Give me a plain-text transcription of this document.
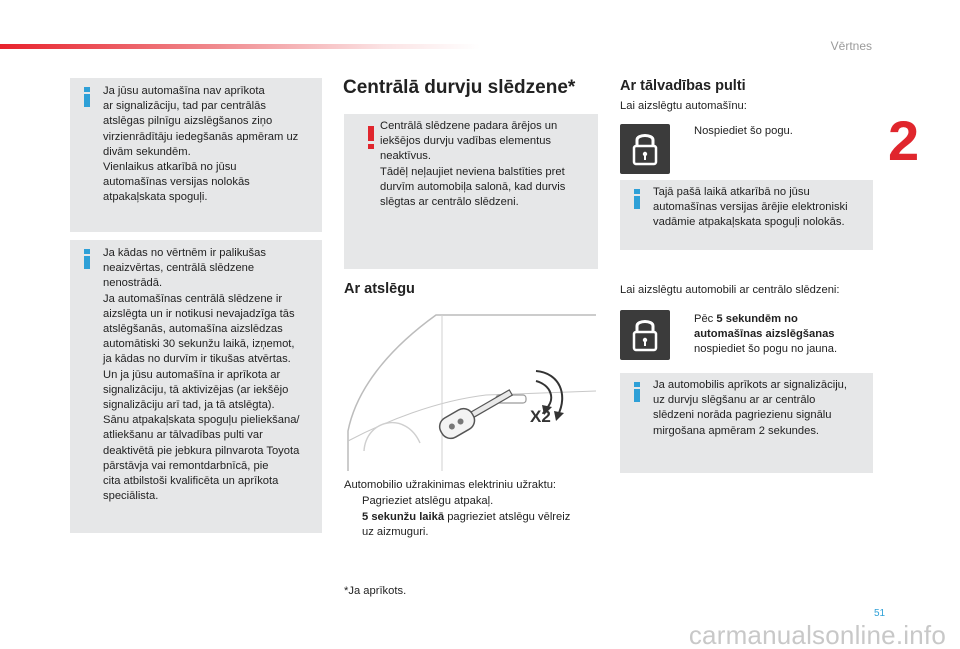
Vērtnes
2
Ja jūsu automašīna nav aprīkota
ar signalizāciju, tad par centrālās
atslēgas pilnīgu aizslēgšanos ziņo
virzienrādītāju iedegšanās apmēram uz
divām sekundēm.
Vienlaikus atkarībā no jūsu
automašīnas versijas nolokās
atpakaļskata spoguļi.
Ja kādas no vērtnēm ir palikušas
neaizvērtas, centrālā slēdzene
nenostrādā.
Ja automašīnas centrālā slēdzene ir
aizslēgta un ir notikusi nevajadzīga tās
atslēgšanās, automašīna aizslēdzas
automātiski 30 sekunžu laikā, izņemot,
ja kādas no durvīm ir tikušas atvērtas.
Un ja jūsu automašīna ir aprīkota ar
signalizāciju, tā aktivizējas (ar iekšējo
signalizāciju arī tad, ja tā atslēgta).
Sānu atpakaļskata spoguļu pieliekšana/
atliekšanu ar tālvadības pulti var
deaktivētā pie jebkura pilnvarota Toyota
pārstāvja vai remontdarbnīcā, pie
cita atbilstoši kvalificēta un aprīkota
speciālista.
Centrālā durvju slēdzene*
Centrālā slēdzene padara ārējos un
iekšējos durvju vadības elementus
neaktīvus.
Tādēļ neļaujiet neviena balstīties pret
durvīm automobiļa salonā, kad durvis
slēgtas ar centrālo slēdzeni.
Ar atslēgu
X2
Automobilio užrakinimas elektriniu užraktu:
Pagrieziet atslēgu atpakaļ.
5 sekunžu laikā pagrieziet atslēgu vēlreiz
uz aizmuguri.
*Ja aprīkots.
Ar tālvadības pulti
Lai aizslēgtu automašīnu:
Nospiediet šo pogu.
Tajā pašā laikā atkarībā no jūsu
automašīnas versijas ārējie elektroniski
vadāmie atpakaļskata spoguļi nolokās.
Lai aizslēgtu automobili ar centrālo slēdzeni:
Pēc 5 sekundēm no
automašīnas aizslēgšanas
nospiediet šo pogu no jauna.
Ja automobilis aprīkots ar signalizāciju,
uz durvju slēgšanu ar ar centrālo
slēdzeni norāda pagriezienu signālu
mirgošana apmēram 2 sekundes.
51
carmanualsonline.info
